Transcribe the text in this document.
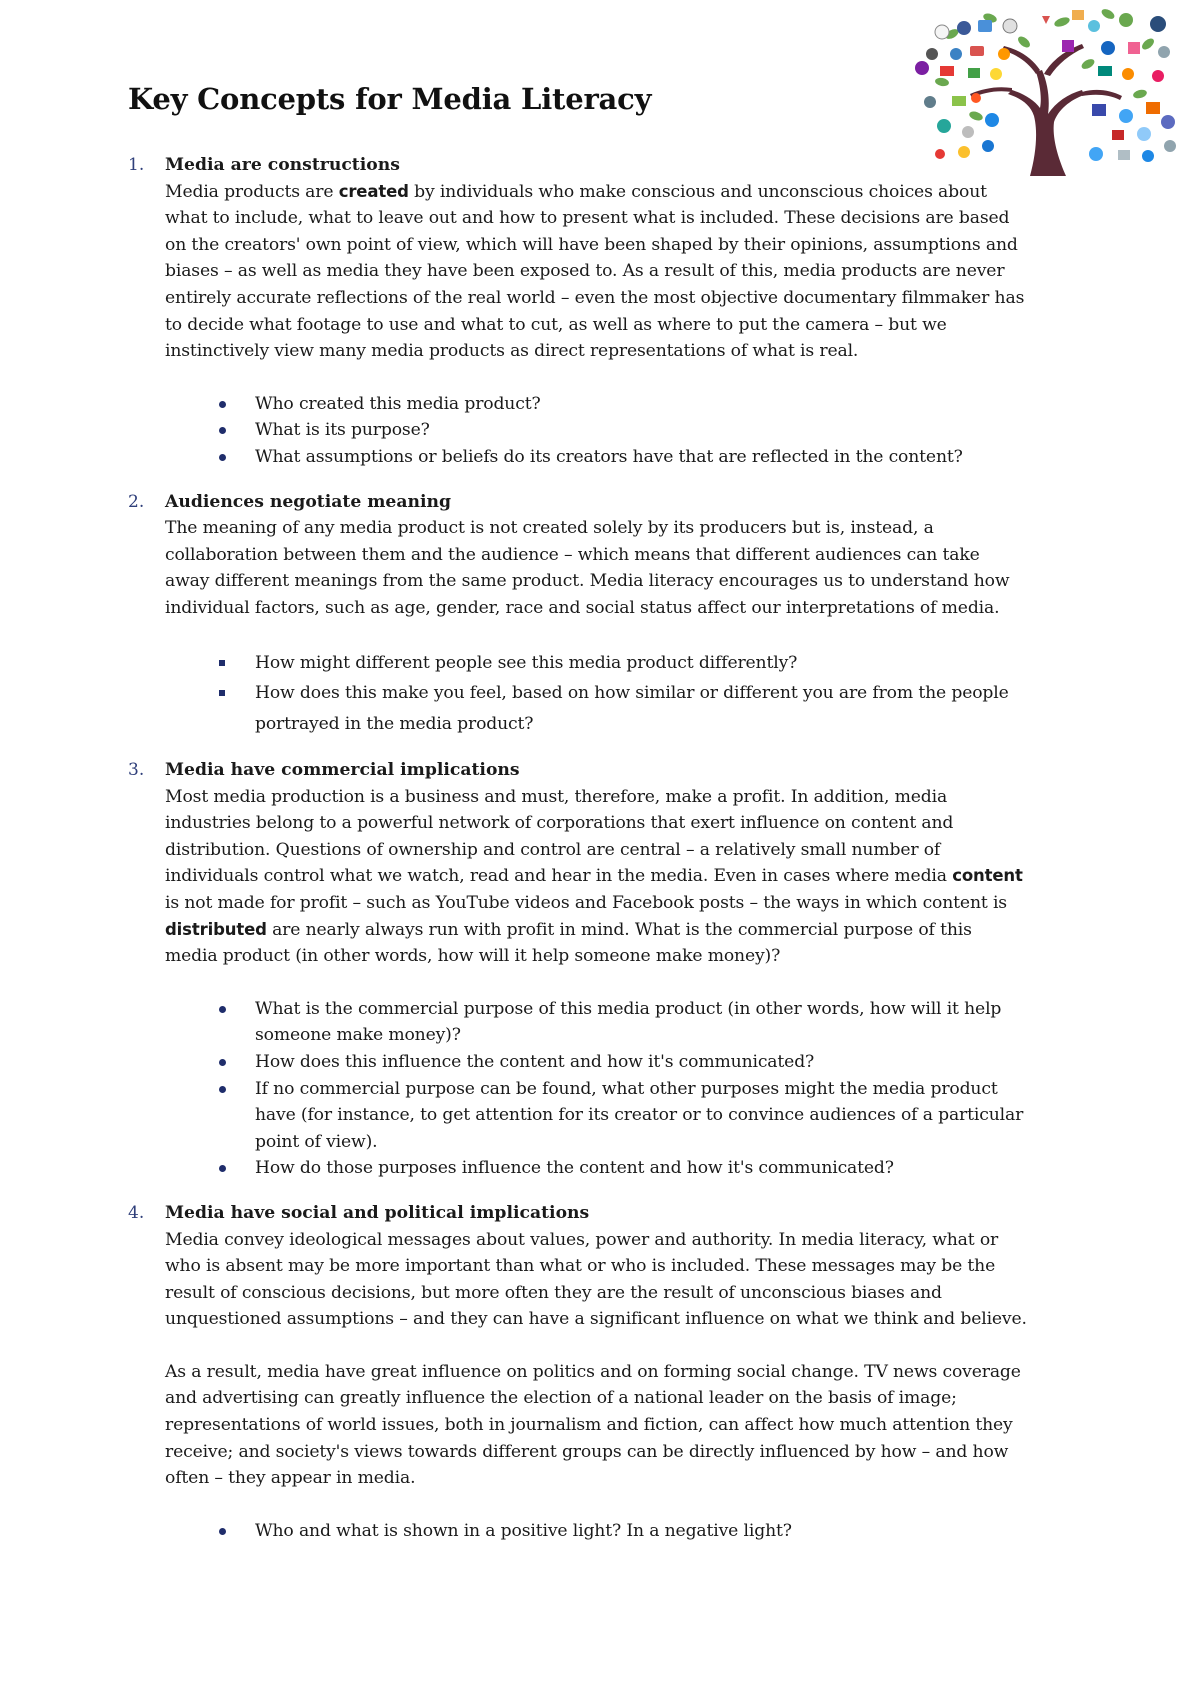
Key Concepts for Media Literacy
1. Media are constructions

Media products are created by individuals who make conscious and unconscious choices about what to include, what to leave out and how to present what is included. These decisions are based on the creators' own point of view, which will have been shaped by their opinions, assumptions and biases – as well as media they have been exposed to. As a result of this, media products are never entirely accurate reflections of the real world – even the most objective documentary filmmaker has to decide what footage to use and what to cut, as well as where to put the camera – but we instinctively view many media products as direct representations of what is real.

Who created this media product?
What is its purpose?
What assumptions or beliefs do its creators have that are reflected in the content?
2. Audiences negotiate meaning

The meaning of any media product is not created solely by its producers but is, instead, a collaboration between them and the audience – which means that different audiences can take away different meanings from the same product. Media literacy encourages us to understand how individual factors, such as age, gender, race and social status affect our interpretations of media.

How might different people see this media product differently?
How does this make you feel, based on how similar or different you are from the people portrayed in the media product?
3. Media have commercial implications

Most media production is a business and must, therefore, make a profit. In addition, media industries belong to a powerful network of corporations that exert influence on content and distribution. Questions of ownership and control are central – a relatively small number of individuals control what we watch, read and hear in the media. Even in cases where media content is not made for profit – such as YouTube videos and Facebook posts – the ways in which content is distributed are nearly always run with profit in mind. What is the commercial purpose of this media product (in other words, how will it help someone make money)?

What is the commercial purpose of this media product (in other words, how will it help someone make money)?
How does this influence the content and how it's communicated?
If no commercial purpose can be found, what other purposes might the media product have (for instance, to get attention for its creator or to convince audiences of a particular point of view).
How do those purposes influence the content and how it's communicated?
4. Media have social and political implications

Media convey ideological messages about values, power and authority. In media literacy, what or who is absent may be more important than what or who is included. These messages may be the result of conscious decisions, but more often they are the result of unconscious biases and unquestioned assumptions – and they can have a significant influence on what we think and believe.

As a result, media have great influence on politics and on forming social change. TV news coverage and advertising can greatly influence the election of a national leader on the basis of image; representations of world issues, both in journalism and fiction, can affect how much attention they receive; and society's views towards different groups can be directly influenced by how – and how often – they appear in media.

Who and what is shown in a positive light? In a negative light?
